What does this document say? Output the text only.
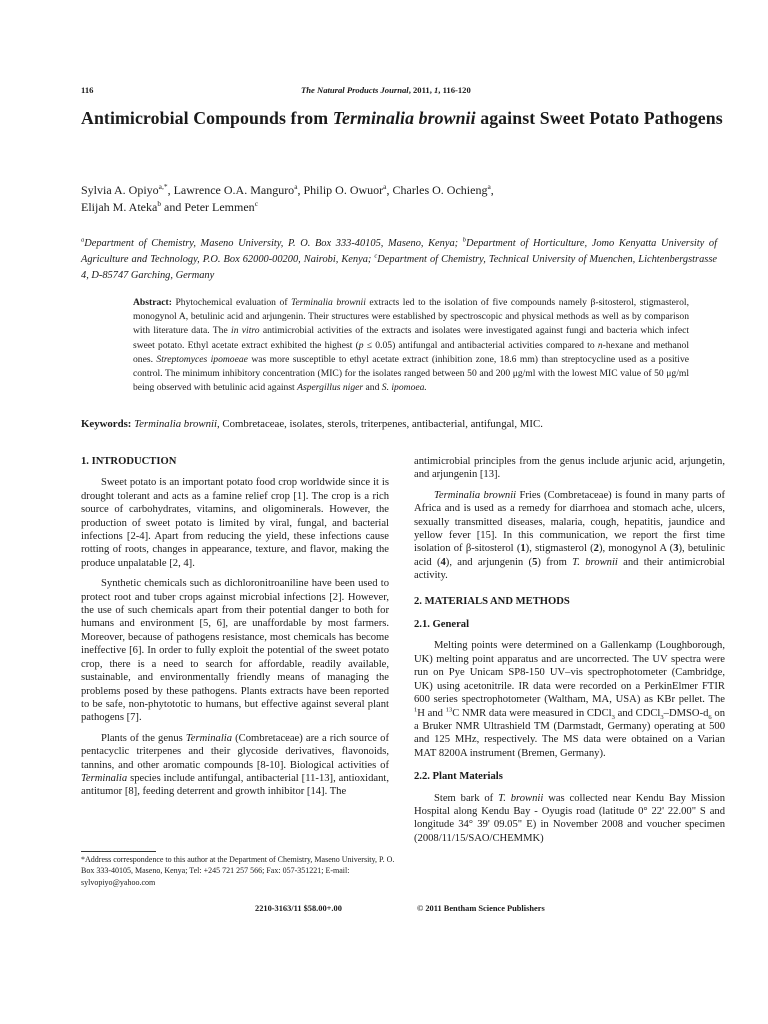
116	The Natural Products Journal, 2011, 1, 116-120
Antimicrobial Compounds from Terminalia brownii against Sweet Potato Pathogens
Sylvia A. Opiyo$^{a,*}$, Lawrence O.A. Manguro$^a$, Philip O. Owuor$^a$, Charles O. Ochieng$^a$,
Elijah M. Ateka$^b$ and Peter Lemmen$^c$
$^a$Department of Chemistry, Maseno University, P. O. Box 333-40105, Maseno, Kenya; $^b$Department of Horticulture, Jomo Kenyatta University of Agriculture and Technology, P.O. Box 62000-00200, Nairobi, Kenya; $^c$Department of Chemistry, Technical University of Muenchen, Lichtenbergstrasse 4, D-85747 Garching, Germany
Abstract: Phytochemical evaluation of Terminalia brownii extracts led to the isolation of five compounds namely β-sitosterol, stigmasterol, monogynol A, betulinic acid and arjungenin. Their structures were established by spectroscopic and physical methods as well as by comparison with literature data. The in vitro antimicrobial activities of the extracts and isolates were investigated against fungi and bacteria which infect sweet potato. Ethyl acetate extract exhibited the highest (p ≤ 0.05) antifungal and antibacterial activities compared to n-hexane and methanol ones. Streptomyces ipomoeae was more susceptible to ethyl acetate extract (inhibition zone, 18.6 mm) than streptocycline used as a positive control. The minimum inhibitory concentration (MIC) for the isolates ranged between 50 and 200 μg/ml with the lowest MIC value of 50 μg/ml being observed with betulinic acid against Aspergillus niger and S. ipomoea.
Keywords: Terminalia brownii, Combretaceae, isolates, sterols, triterpenes, antibacterial, antifungal, MIC.
1. INTRODUCTION

Sweet potato is an important potato food crop worldwide since it is drought tolerant and acts as a famine relief crop [1]. The crop is a rich source of carbohydrates, vitamins, and oligominerals. However, the production of sweet potato is limited by viral, fungal, and bacterial infections [2-4]. Apart from reducing the yield, these infections cause rotting of roots, changes in appearance, texture, and flavor, making the produce unpalatable [2, 4].

Synthetic chemicals such as dichloronitroaniline have been used to protect root and tuber crops against microbial infections [2]. However, the use of such chemicals apart from their potential danger to both for humans and environment [5, 6], are unaffordable by most farmers. Moreover, because of pathogens resistance, most chemicals has become ineffective [6]. In order to fully exploit the potential of the sweet potato crop, there is a need to search for affordable, readily available, sustainable, and environmentally friendly means of managing the problems posed by these pathogens. Plants extracts have been reported to be safe, non-phytototic to humans, but effective against several plant pathogens [7].

Plants of the genus Terminalia (Combretaceae) are a rich source of pentacyclic triterpenes and their glycoside derivatives, flavonoids, tannins, and other aromatic compounds [8-10]. Biological activities of Terminalia species include antifungal, antibacterial [11-13], antioxidant, antitumor [8], feeding deterrent and growth inhibitor [14]. The

antimicrobial principles from the genus include arjunic acid, arjungetin, and arjungenin [13].

Terminalia brownii Fries (Combretaceae) is found in many parts of Africa and is used as a remedy for diarrhoea and stomach ache, ulcers, sexually transmitted diseases, malaria, cough, hepatitis, jaundice and yellow fever [15]. In this communication, we report the first time isolation of β-sitosterol (1), stigmasterol (2), monogynol A (3), betulinic acid (4), and arjungenin (5) from T. brownii and their antimicrobial activity.

2. MATERIALS AND METHODS
2.1. General

Melting points were determined on a Gallenkamp (Loughborough, UK) melting point apparatus and are uncorrected. The UV spectra were run on Pye Unicam SP8-150 UV–vis spectrophotometer (Cambridge, UK) using acetonitrile. IR data were recorded on a PerkinElmer FTIR 600 series spectrophotometer (Waltham, MA, USA) as KBr pellet. The $^1$H and $^{13}$C NMR data were measured in CDCl$_3$ and $CDCl_3-DMSO-d_6$ on a Bruker NMR Ultrashield TM (Darmstadt, Germany) operating at 500 and 125 MHz, respectively. The MS data were obtained on a Varian MAT 8200A instrument (Bremen, Germany).

2.2. Plant Materials

Stem bark of T. brownii was collected near Kendu Bay Mission Hospital along Kendu Bay - Oyugis road (latitude 0° 22' 22.00" S and longitude 34° 39' 09.05" E) in November 2008 and voucher specimen (2008/11/15/SAO/CHEMMK)

*Address correspondence to this author at the Department of Chemistry, Maseno University, P. O. Box 333-40105, Maseno, Kenya; Tel: +245 721 257 566; Fax: 057-351221; E-mail: sylvopiyo@yahoo.com
2210-3163/11 $58.00+.00	© 2011 Bentham Science Publishers
